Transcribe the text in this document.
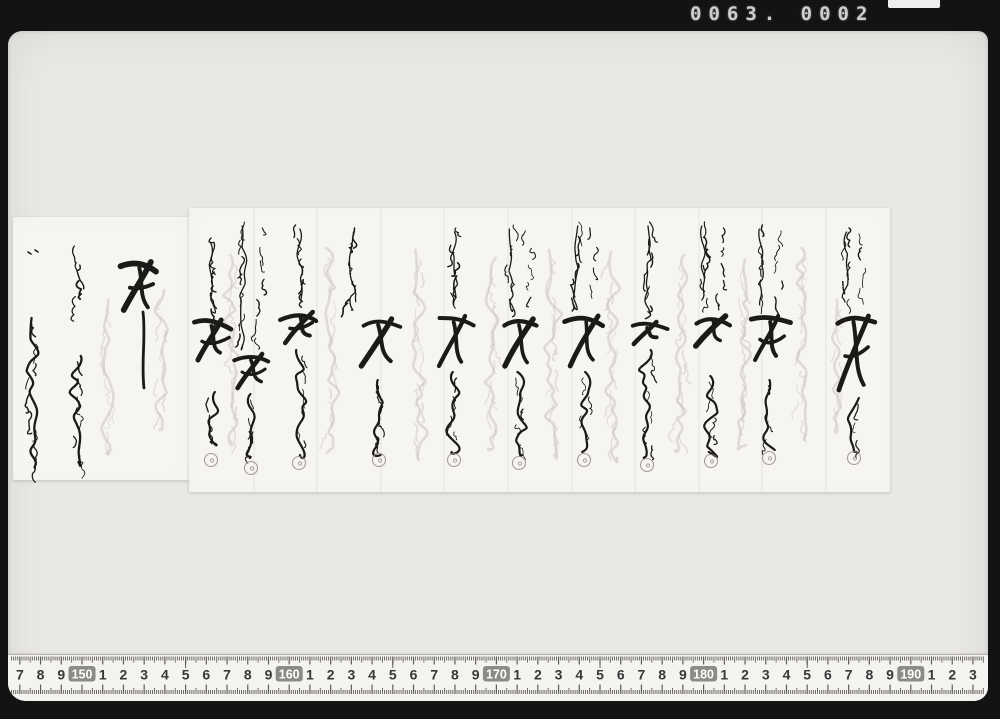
0063. 0002
7 8 9 150 1 2 3 4 5 6 7 8 9 160 1 2 3 4 5 6 7 8 9 170 1 2 3 4 5 6 7 8 9 180 1 2 3 4 5 6 7 8 9 190 1 2 3
